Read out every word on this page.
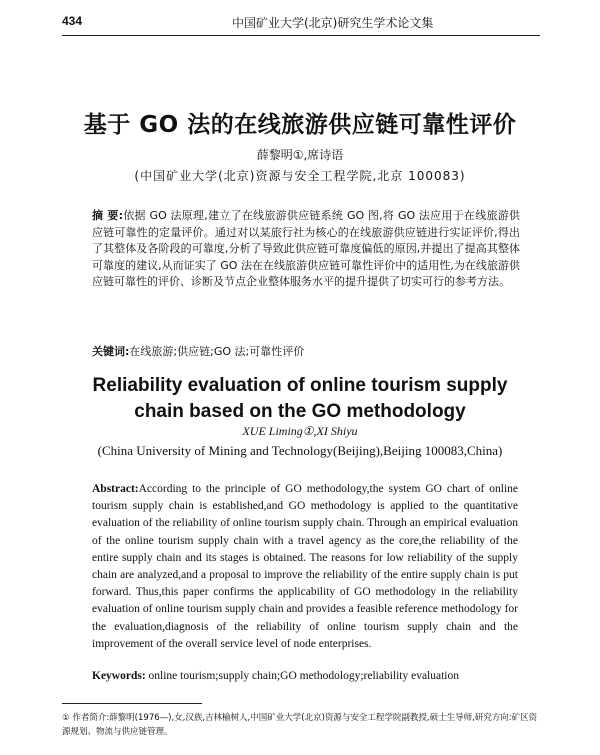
434	中国矿业大学(北京)研究生学术论文集
基于 GO 法的在线旅游供应链可靠性评价
薛黎明①,席诗语
(中国矿业大学(北京)资源与安全工程学院,北京 100083)
摘 要:依据 GO 法原理,建立了在线旅游供应链系统 GO 图,将 GO 法应用于在线旅游供应链可靠性的定量评价。通过对以某旅行社为核心的在线旅游供应链进行实证评价,得出了其整体及各阶段的可靠度,分析了导致此供应链可靠度偏低的原因,并提出了提高其整体可靠度的建议,从而证实了 GO 法在在线旅游供应链可靠性评价中的适用性,为在线旅游供应链可靠性的评价、诊断及节点企业整体服务水平的提升提供了切实可行的参考方法。
关键词:在线旅游;供应链;GO 法;可靠性评价
Reliability evaluation of online tourism supply
chain based on the GO methodology
XUE Liming①,XI Shiyu
(China University of Mining and Technology(Beijing),Beijing 100083,China)
Abstract:According to the principle of GO methodology,the system GO chart of online tourism supply chain is established,and GO methodology is applied to the quantitative evaluation of the reliability of online tourism supply chain. Through an empirical evaluation of the online tourism supply chain with a travel agency as the core,the reliability of the entire supply chain and its stages is obtained. The reasons for low reliability of the supply chain are analyzed,and a proposal to improve the reliability of the entire supply chain is put forward. Thus,this paper confirms the applicability of GO methodology in the reliability evaluation of online tourism supply chain and provides a feasible reference methodology for the evaluation,diagnosis of the reliability of online tourism supply chain and the improvement of the overall service level of node enterprises.
Keywords: online tourism;supply chain;GO methodology;reliability evaluation
① 作者简介:薛黎明(1976—),女,汉族,吉林榆树人,中国矿业大学(北京)资源与安全工程学院副教授,硕士生导师,研究方向:矿区资源规划、物流与供应链管理。
